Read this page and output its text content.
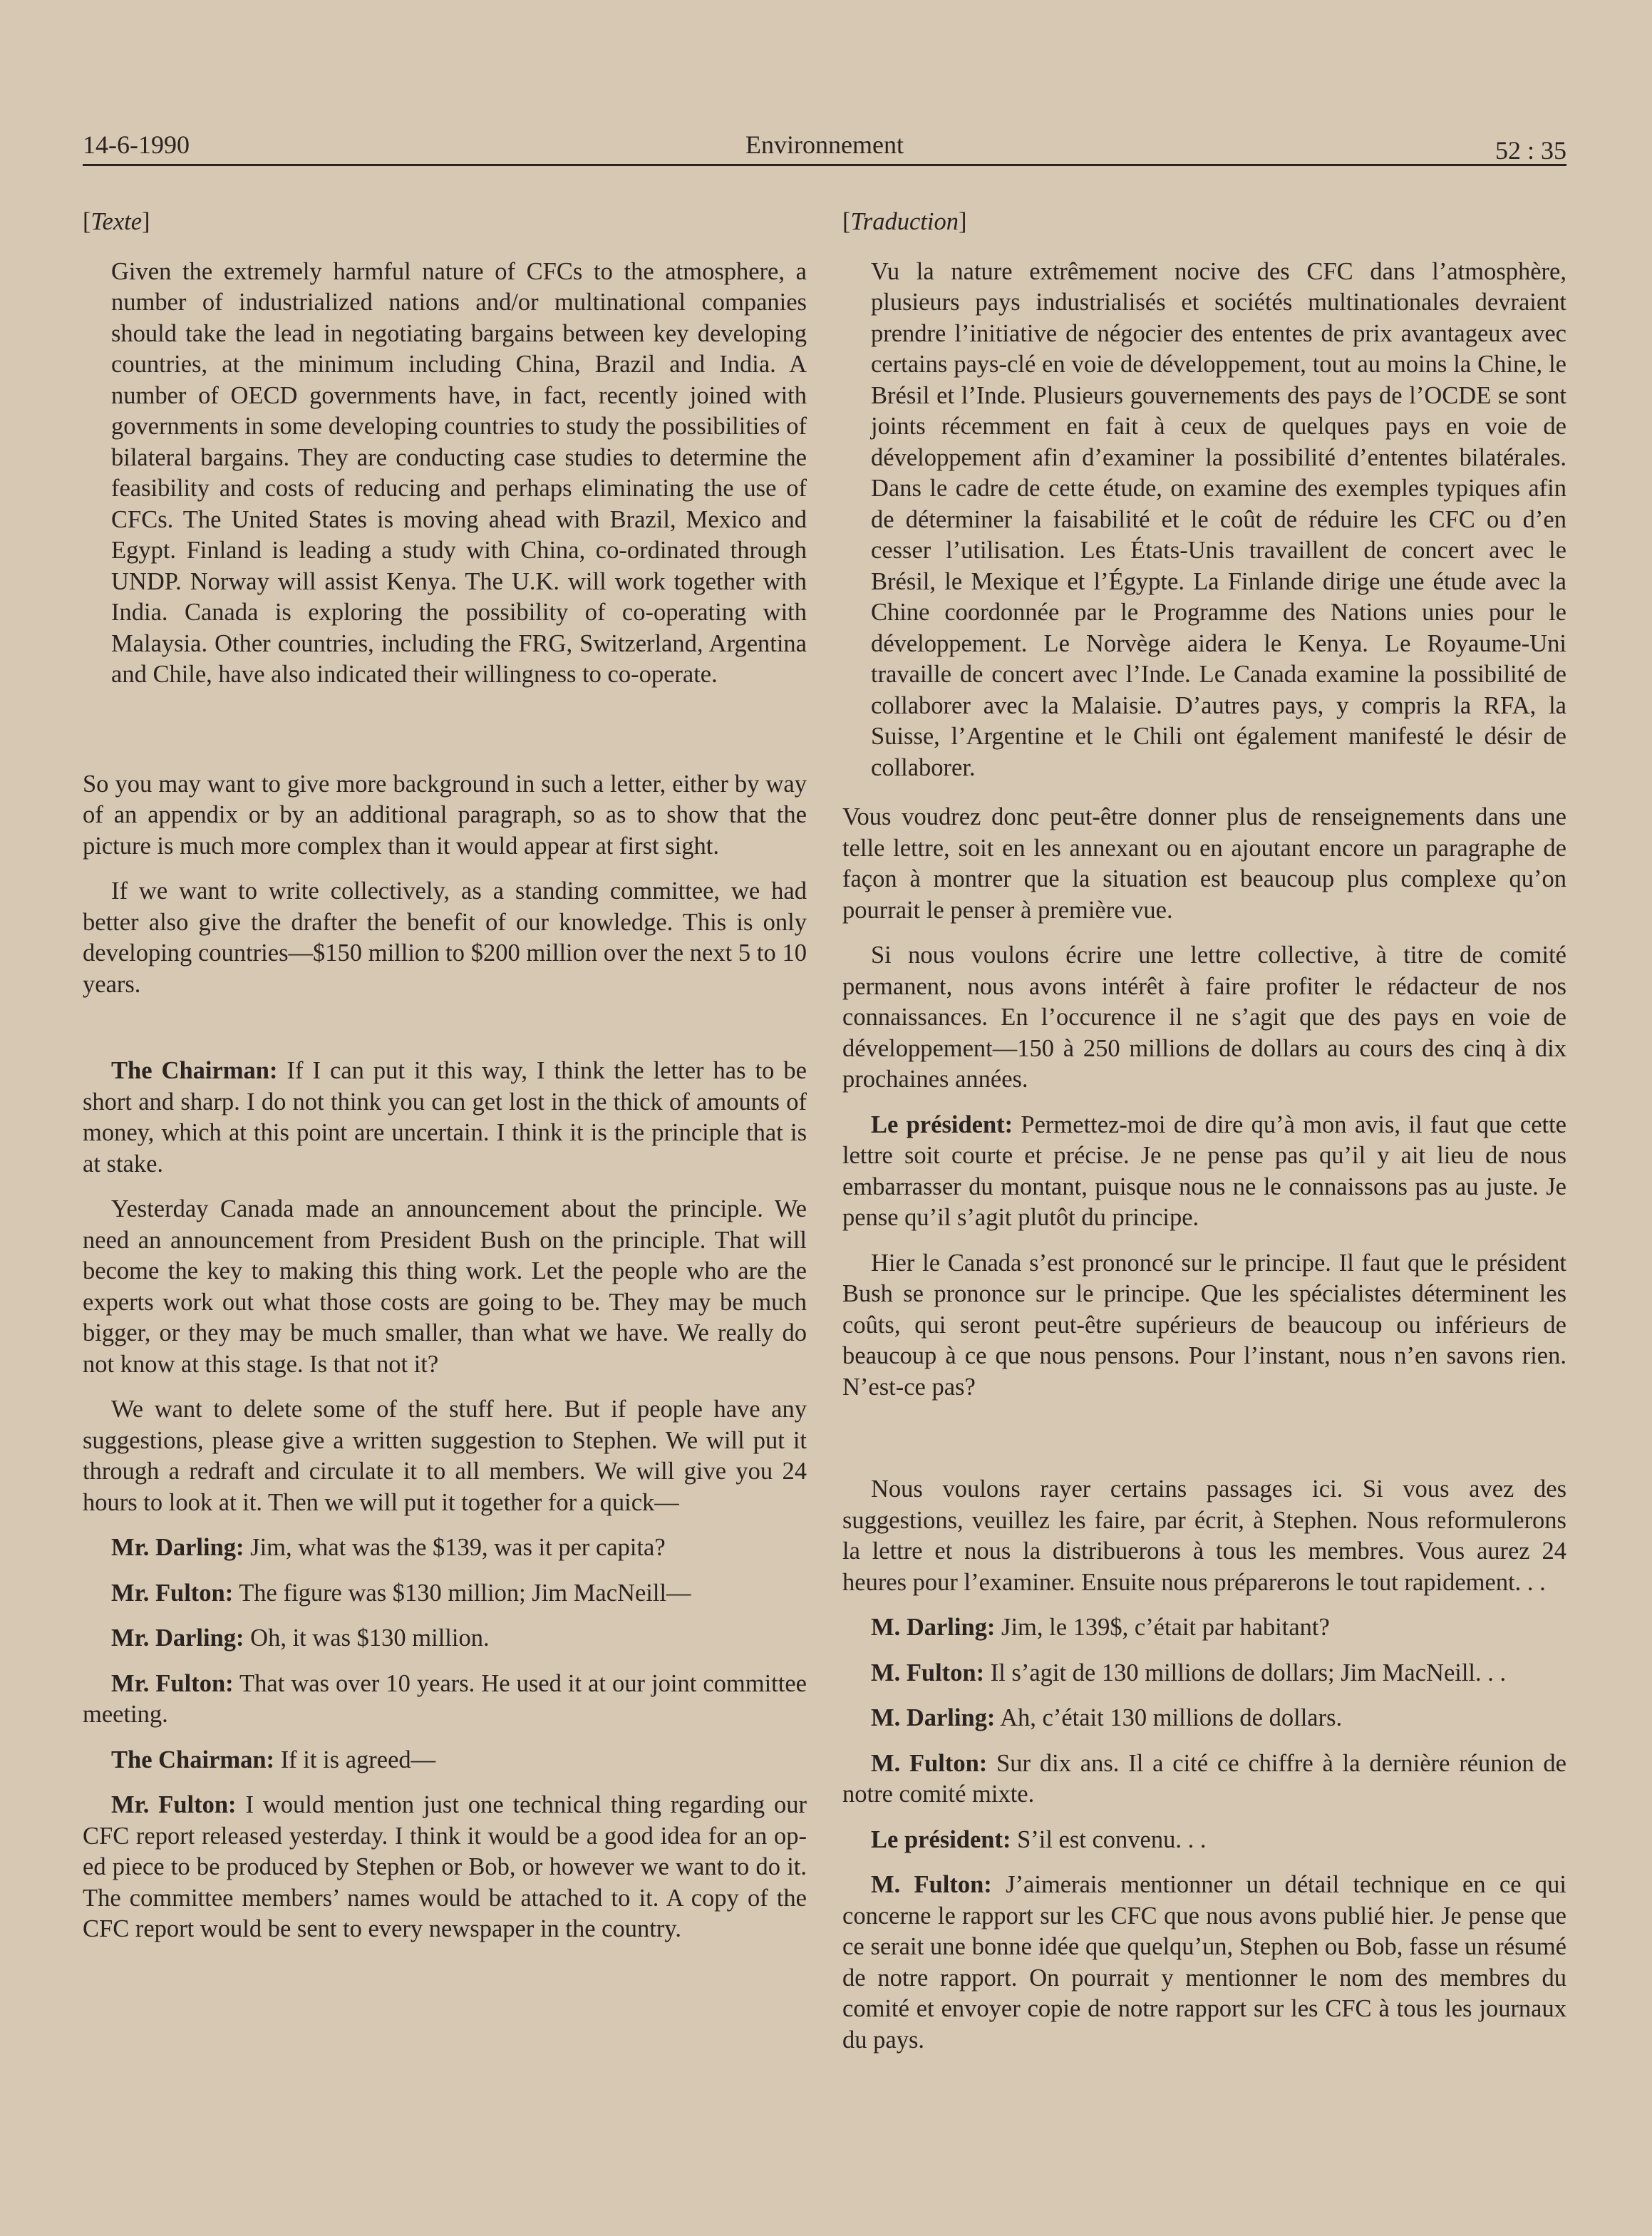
14-6-1990	Environnement	52 : 35
[Texte]

Given the extremely harmful nature of CFCs to the atmosphere, a number of industrialized nations and/or multinational companies should take the lead in negotiating bargains between key developing countries, at the minimum including China, Brazil and India. A number of OECD governments have, in fact, recently joined with governments in some developing countries to study the possibilities of bilateral bargains. They are conducting case studies to determine the feasibility and costs of reducing and perhaps eliminating the use of CFCs. The United States is moving ahead with Brazil, Mexico and Egypt. Finland is leading a study with China, co-ordinated through UNDP. Norway will assist Kenya. The U.K. will work together with India. Canada is exploring the possibility of co-operating with Malaysia. Other countries, including the FRG, Switzerland, Argentina and Chile, have also indicated their willingness to co-operate.

So you may want to give more background in such a letter, either by way of an appendix or by an additional paragraph, so as to show that the picture is much more complex than it would appear at first sight.

If we want to write collectively, as a standing committee, we had better also give the drafter the benefit of our knowledge. This is only developing countries—$150 million to $200 million over the next 5 to 10 years.

The Chairman: If I can put it this way, I think the letter has to be short and sharp. I do not think you can get lost in the thick of amounts of money, which at this point are uncertain. I think it is the principle that is at stake.

Yesterday Canada made an announcement about the principle. We need an announcement from President Bush on the principle. That will become the key to making this thing work. Let the people who are the experts work out what those costs are going to be. They may be much bigger, or they may be much smaller, than what we have. We really do not know at this stage. Is that not it?

We want to delete some of the stuff here. But if people have any suggestions, please give a written suggestion to Stephen. We will put it through a redraft and circulate it to all members. We will give you 24 hours to look at it. Then we will put it together for a quick—

Mr. Darling: Jim, what was the $139, was it per capita?

Mr. Fulton: The figure was $130 million; Jim MacNeill—

Mr. Darling: Oh, it was $130 million.

Mr. Fulton: That was over 10 years. He used it at our joint committee meeting.

The Chairman: If it is agreed—

Mr. Fulton: I would mention just one technical thing regarding our CFC report released yesterday. I think it would be a good idea for an op-ed piece to be produced by Stephen or Bob, or however we want to do it. The committee members’ names would be attached to it. A copy of the CFC report would be sent to every newspaper in the country.

[Traduction]

Vu la nature extrêmement nocive des CFC dans l’atmosphère, plusieurs pays industrialisés et sociétés multinationales devraient prendre l’initiative de négocier des ententes de prix avantageux avec certains pays-clé en voie de développement, tout au moins la Chine, le Brésil et l’Inde. Plusieurs gouvernements des pays de l’OCDE se sont joints récemment en fait à ceux de quelques pays en voie de développement afin d’examiner la possibilité d’ententes bilatérales. Dans le cadre de cette étude, on examine des exemples typiques afin de déterminer la faisabilité et le coût de réduire les CFC ou d’en cesser l’utilisation. Les États-Unis travaillent de concert avec le Brésil, le Mexique et l’Égypte. La Finlande dirige une étude avec la Chine coordonnée par le Programme des Nations unies pour le développement. Le Norvège aidera le Kenya. Le Royaume-Uni travaille de concert avec l’Inde. Le Canada examine la possibilité de collaborer avec la Malaisie. D’autres pays, y compris la RFA, la Suisse, l’Argentine et le Chili ont également manifesté le désir de collaborer.

Vous voudrez donc peut-être donner plus de renseignements dans une telle lettre, soit en les annexant ou en ajoutant encore un paragraphe de façon à montrer que la situation est beaucoup plus complexe qu’on pourrait le penser à première vue.

Si nous voulons écrire une lettre collective, à titre de comité permanent, nous avons intérêt à faire profiter le rédacteur de nos connaissances. En l’occurence il ne s’agit que des pays en voie de développement—150 à 250 millions de dollars au cours des cinq à dix prochaines années.

Le président: Permettez-moi de dire qu’à mon avis, il faut que cette lettre soit courte et précise. Je ne pense pas qu’il y ait lieu de nous embarrasser du montant, puisque nous ne le connaissons pas au juste. Je pense qu’il s’agit plutôt du principe.

Hier le Canada s’est prononcé sur le principe. Il faut que le président Bush se prononce sur le principe. Que les spécialistes déterminent les coûts, qui seront peut-être supérieurs de beaucoup ou inférieurs de beaucoup à ce que nous pensons. Pour l’instant, nous n’en savons rien. N’est-ce pas?

Nous voulons rayer certains passages ici. Si vous avez des suggestions, veuillez les faire, par écrit, à Stephen. Nous reformulerons la lettre et nous la distribuerons à tous les membres. Vous aurez 24 heures pour l’examiner. Ensuite nous préparerons le tout rapidement. . .

M. Darling: Jim, le 139$, c’était par habitant?

M. Fulton: Il s’agit de 130 millions de dollars; Jim MacNeill. . .

M. Darling: Ah, c’était 130 millions de dollars.

M. Fulton: Sur dix ans. Il a cité ce chiffre à la dernière réunion de notre comité mixte.

Le président: S’il est convenu. . .

M. Fulton: J’aimerais mentionner un détail technique en ce qui concerne le rapport sur les CFC que nous avons publié hier. Je pense que ce serait une bonne idée que quelqu’un, Stephen ou Bob, fasse un résumé de notre rapport. On pourrait y mentionner le nom des membres du comité et envoyer copie de notre rapport sur les CFC à tous les journaux du pays.
